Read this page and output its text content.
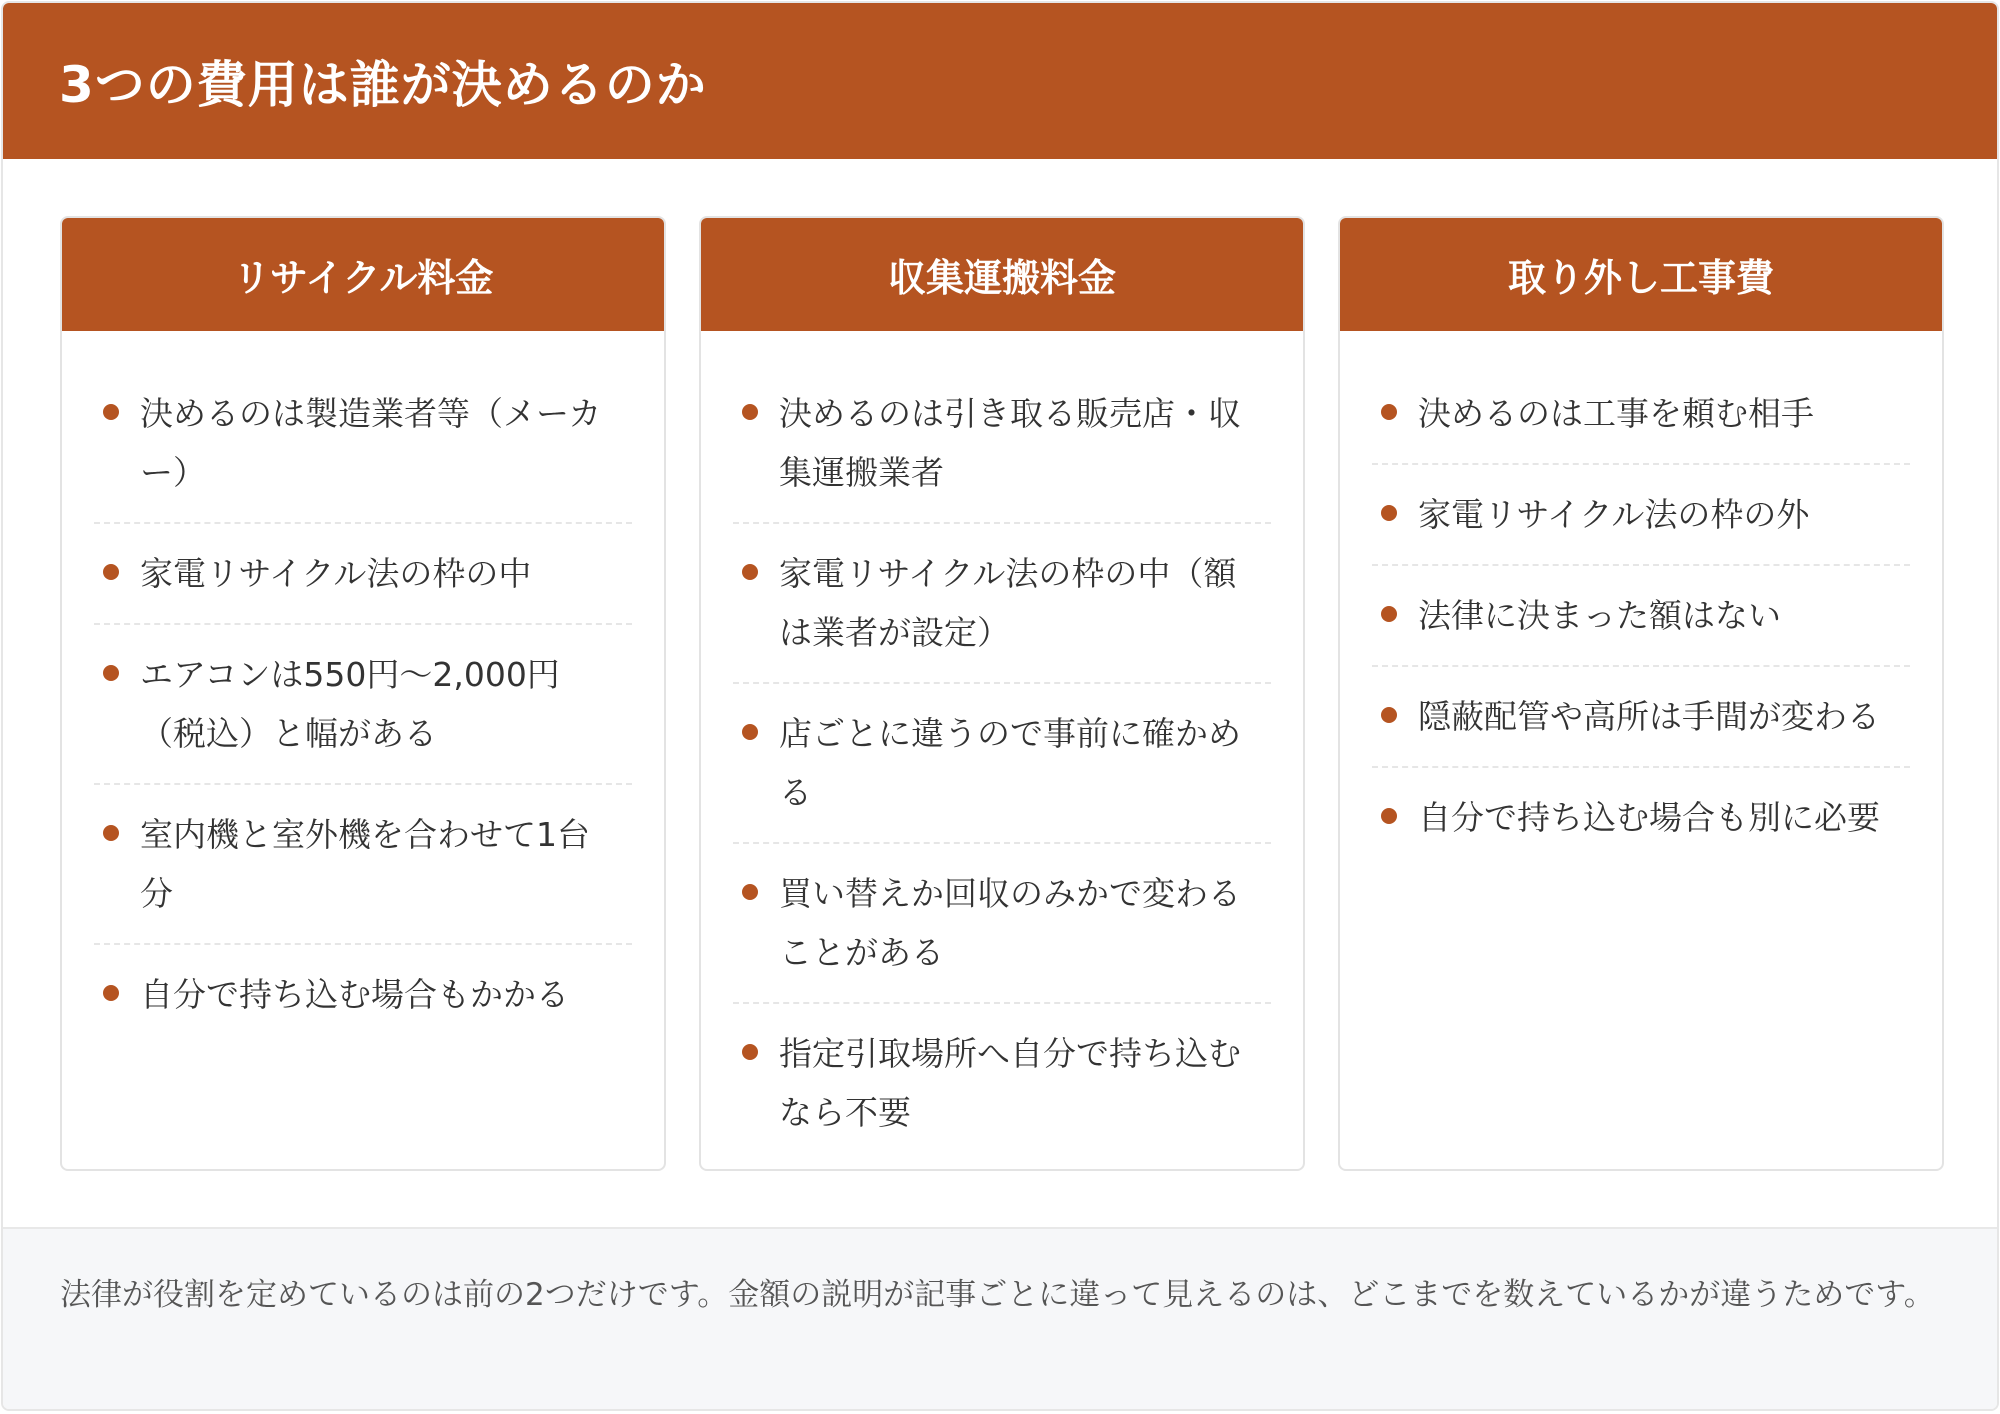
3つの費用は誰が決めるのか
リサイクル料金
決めるのは製造業者等（メーカー）
家電リサイクル法の枠の中
エアコンは550円〜2,000円（税込）と幅がある
室内機と室外機を合わせて1台分
自分で持ち込む場合もかかる
収集運搬料金
決めるのは引き取る販売店・収集運搬業者
家電リサイクル法の枠の中（額は業者が設定）
店ごとに違うので事前に確かめる
買い替えか回収のみかで変わることがある
指定引取場所へ自分で持ち込むなら不要
取り外し工事費
決めるのは工事を頼む相手
家電リサイクル法の枠の外
法律に決まった額はない
隠蔽配管や高所は手間が変わる
自分で持ち込む場合も別に必要

法律が役割を定めているのは前の2つだけです。金額の説明が記事ごとに違って見えるのは、どこまでを数えているかが違うためです。
